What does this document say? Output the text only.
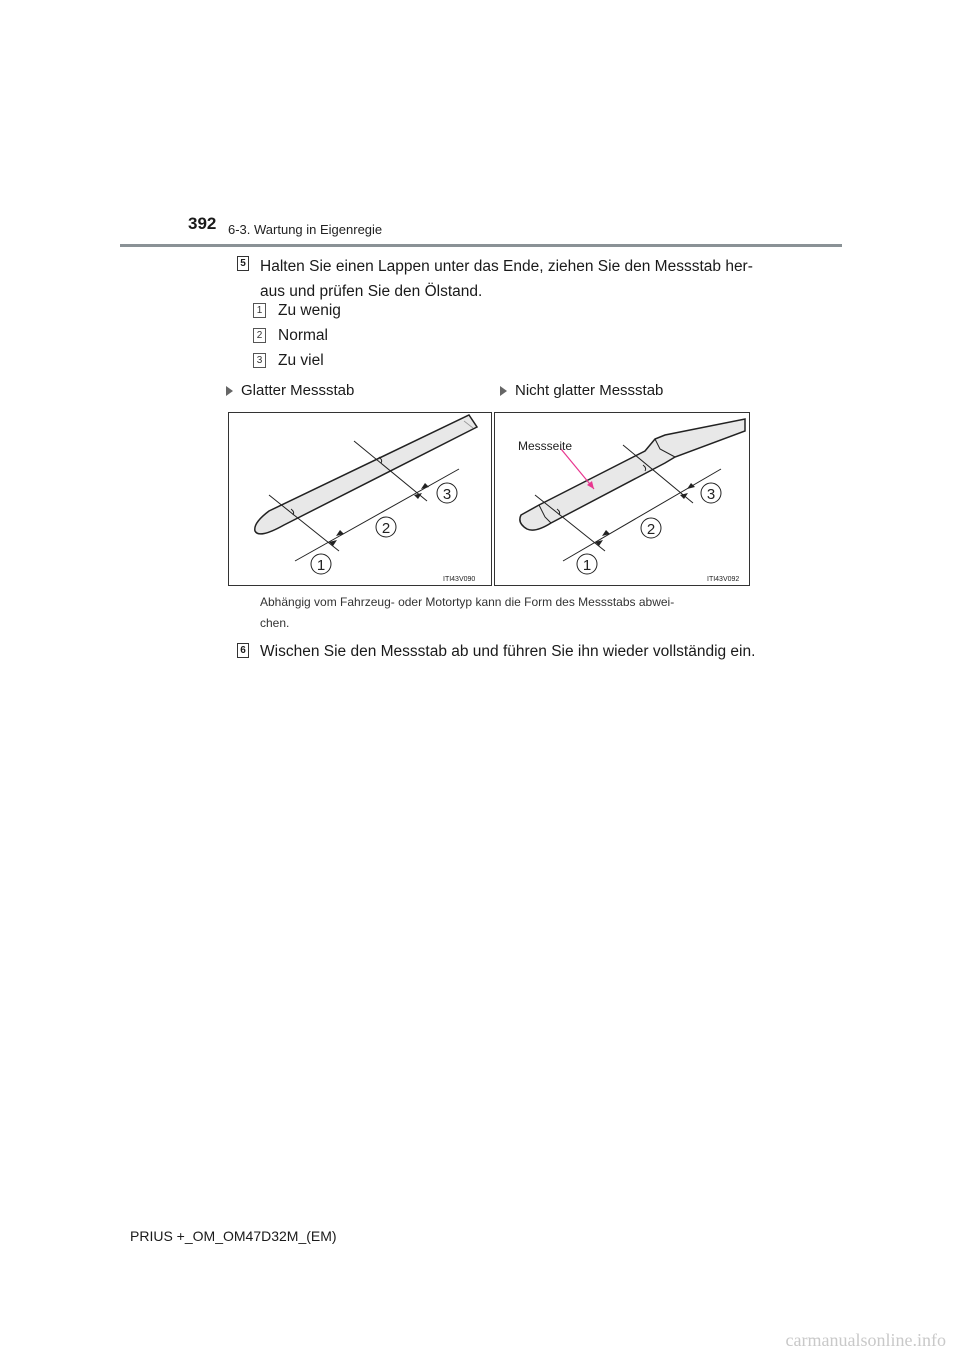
392 6-3. Wartung in Eigenregie
5 Halten Sie einen Lappen unter das Ende, ziehen Sie den Messstab her-
aus und prüfen Sie den Ölstand.
1 Zu wenig
2 Normal
3 Zu viel
Glatter Messstab	Nicht glatter Messstab
1
2
3
ITI43V090
Messseite
1
2
3
ITI43V092
Abhängig vom Fahrzeug- oder Motortyp kann die Form des Messstabs abwei-
chen.
6 Wischen Sie den Messstab ab und führen Sie ihn wieder vollständig ein.
PRIUS +_OM_OM47D32M_(EM)
carmanualsonline.info
